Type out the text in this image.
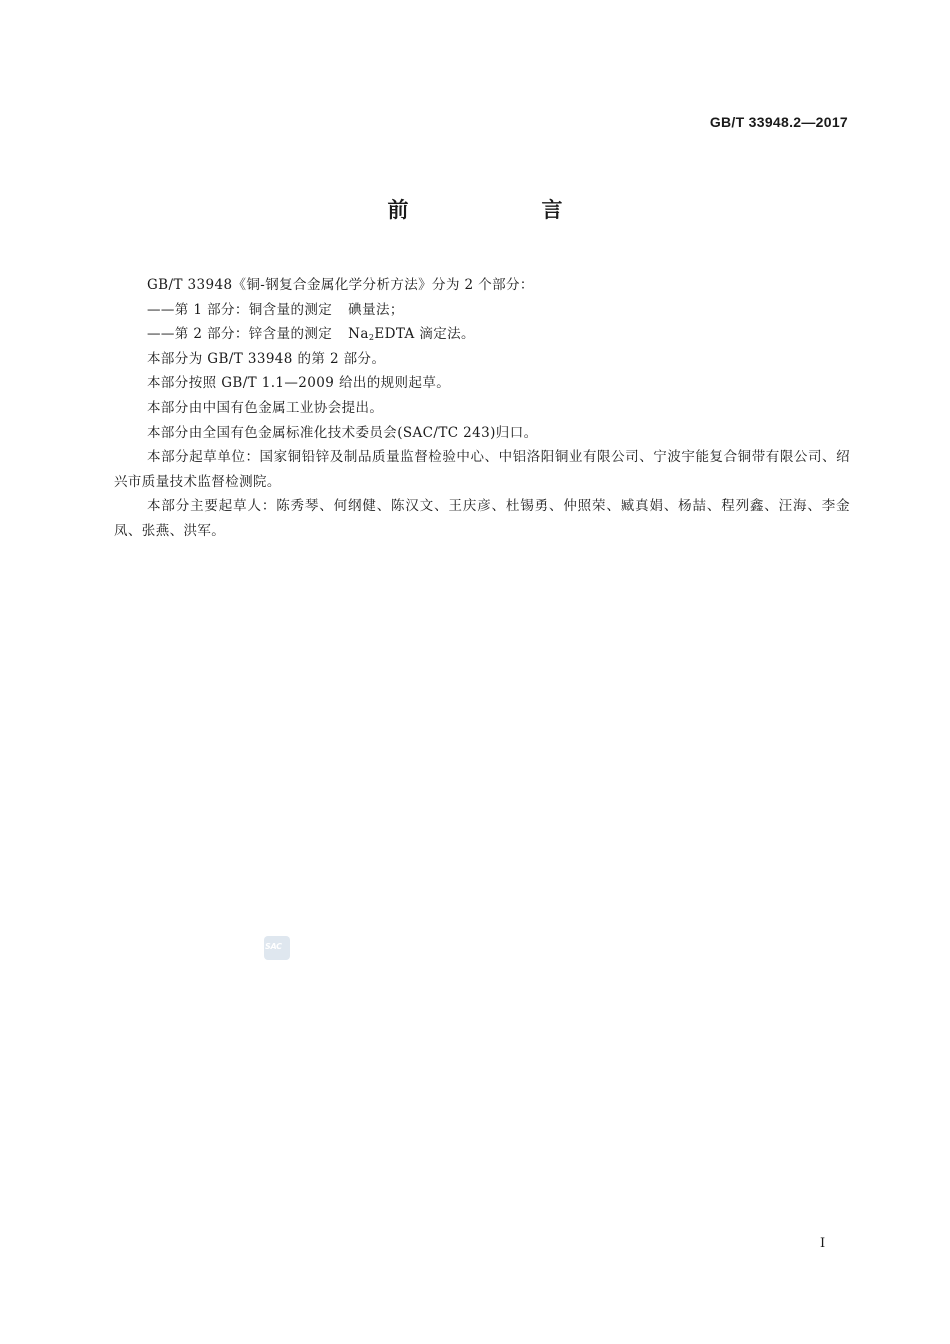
GB/T 33948.2—2017
前　言

GB/T 33948《铜-钢复合金属化学分析方法》分为 2 个部分：

——第 1 部分：铜含量的测定 碘量法；

——第 2 部分：锌含量的测定 $Na_2EDTA$ 滴定法。

本部分为 GB/T 33948 的第 2 部分。

本部分按照 GB/T 1.1—2009 给出的规则起草。

本部分由中国有色金属工业协会提出。

本部分由全国有色金属标准化技术委员会(SAC/TC 243)归口。

本部分起草单位：国家铜铅锌及制品质量监督检验中心、中铝洛阳铜业有限公司、宁波宇能复合铜带有限公司、绍兴市质量技术监督检测院。

本部分主要起草人：陈秀琴、何纲健、陈汉文、王庆彦、杜锡勇、仲照荣、臧真娟、杨喆、程列鑫、汪海、李金凤、张燕、洪军。

SAC
I
